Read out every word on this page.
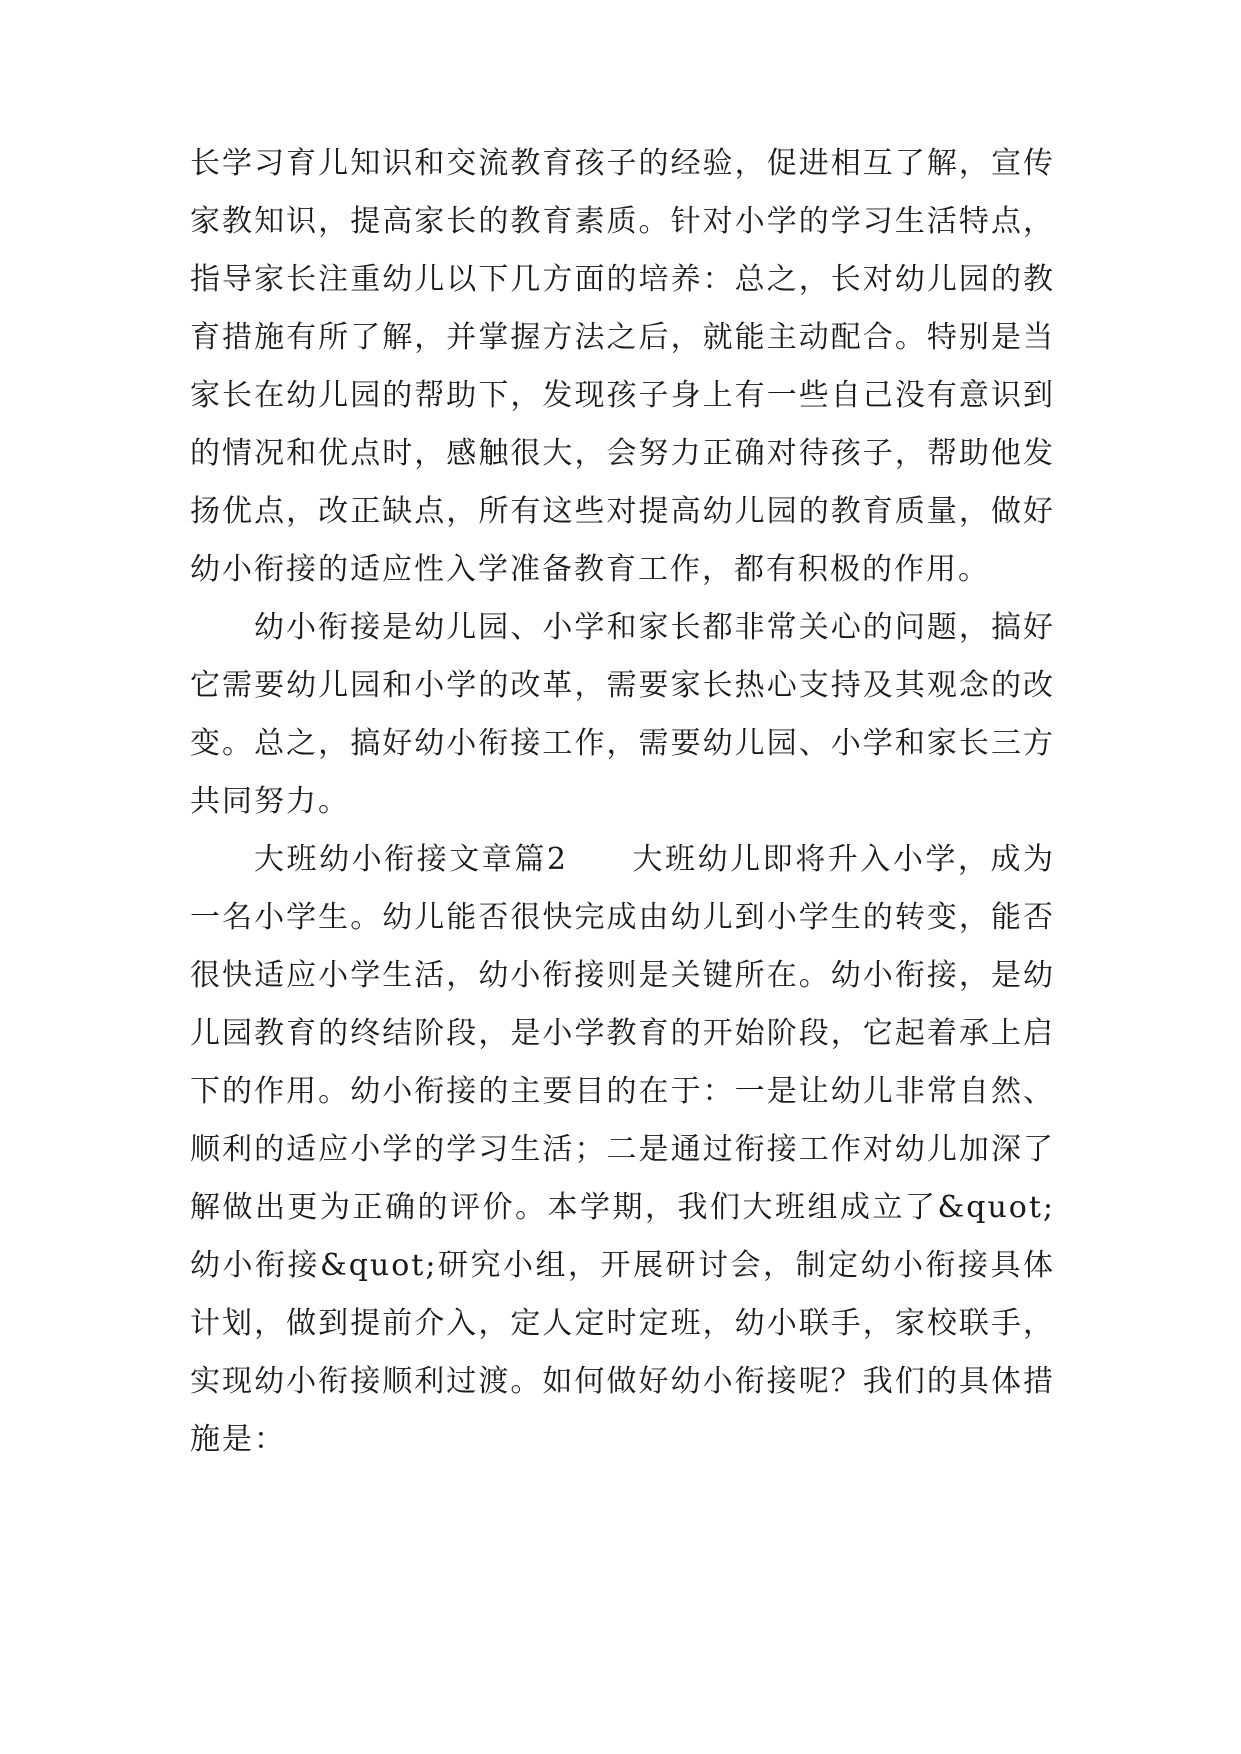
长学习育儿知识和交流教育孩子的经验，促进相互了解，宣传家教知识，提高家长的教育素质。针对小学的学习生活特点，指导家长注重幼儿以下几方面的培养：总之，长对幼儿园的教育措施有所了解，并掌握方法之后，就能主动配合。特别是当家长在幼儿园的帮助下，发现孩子身上有一些自己没有意识到的情况和优点时，感触很大，会努力正确对待孩子，帮助他发扬优点，改正缺点，所有这些对提高幼儿园的教育质量，做好幼小衔接的适应性入学准备教育工作，都有积极的作用。

幼小衔接是幼儿园、小学和家长都非常关心的问题，搞好它需要幼儿园和小学的改革，需要家长热心支持及其观念的改变。总之，搞好幼小衔接工作，需要幼儿园、小学和家长三方共同努力。

大班幼小衔接文章篇2 大班幼儿即将升入小学，成为一名小学生。幼儿能否很快完成由幼儿到小学生的转变，能否很快适应小学生活，幼小衔接则是关键所在。幼小衔接，是幼儿园教育的终结阶段，是小学教育的开始阶段，它起着承上启下的作用。幼小衔接的主要目的在于：一是让幼儿非常自然、顺利的适应小学的学习生活；二是通过衔接工作对幼儿加深了解做出更为正确的评价。本学期，我们大班组成立了&quot;幼小衔接&quot;研究小组，开展研讨会，制定幼小衔接具体计划，做到提前介入，定人定时定班，幼小联手，家校联手，实现幼小衔接顺利过渡。如何做好幼小衔接呢？我们的具体措施是：
